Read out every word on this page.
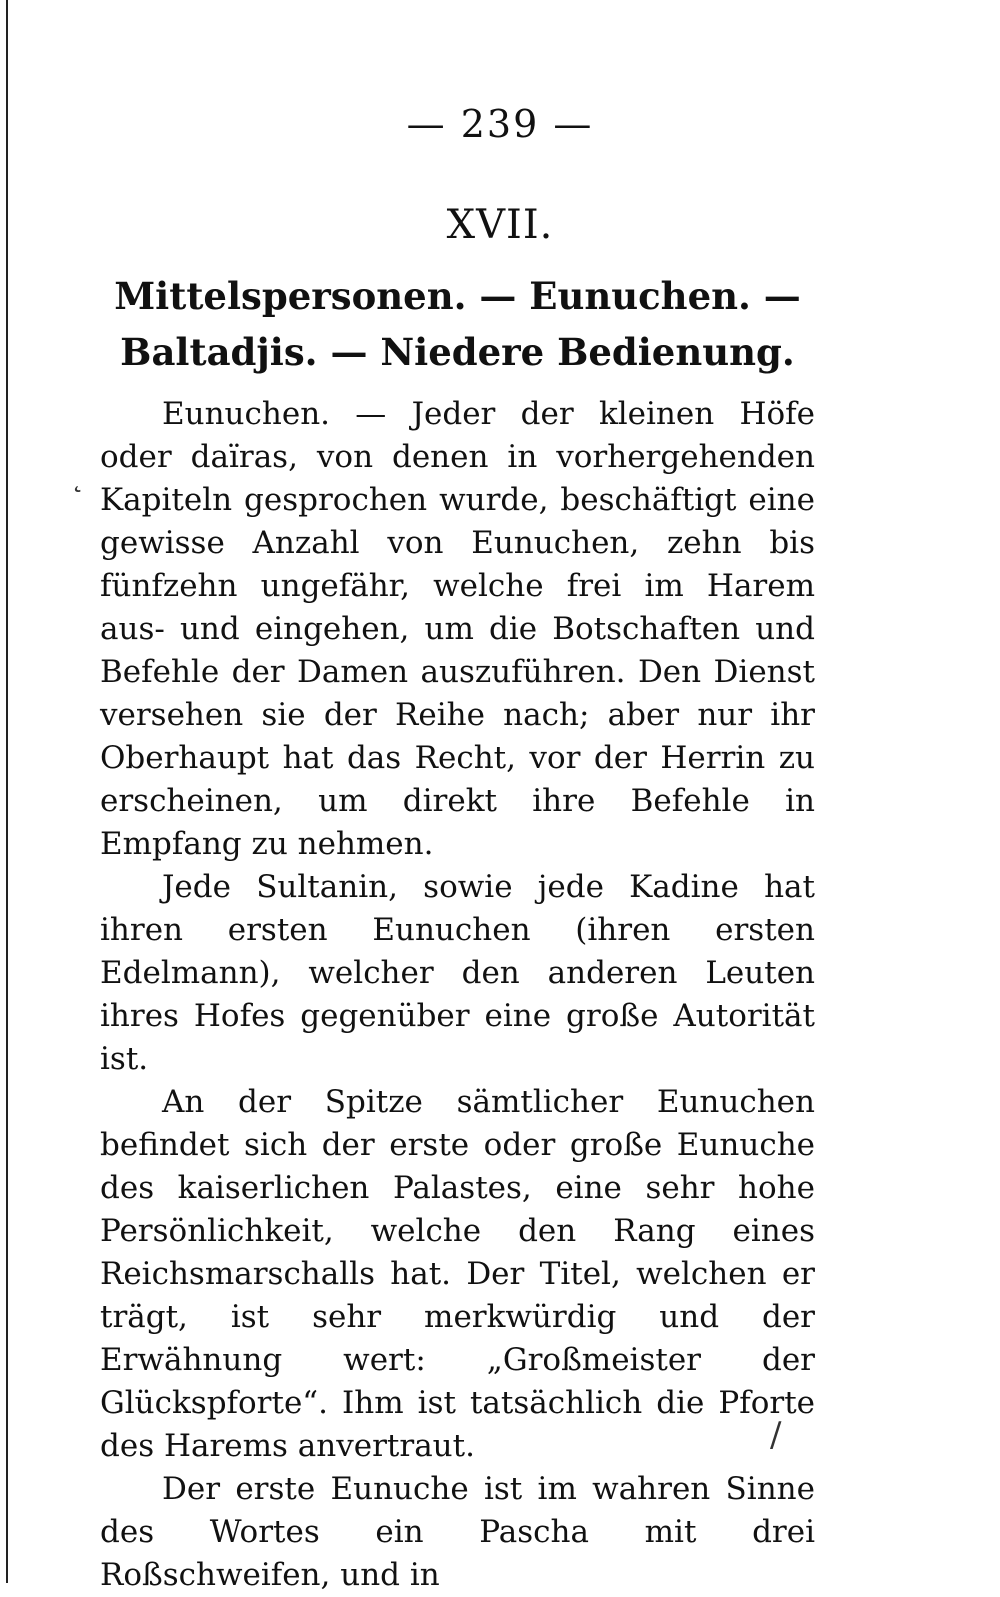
— 239 —
XVII.
Mittelspersonen. — Eunuchen. — Baltadjis. — Niedere Bedienung.

Eunuchen. — Jeder der kleinen Höfe oder daïras, von denen in vorhergehenden Kapiteln gesprochen wurde, beschäftigt eine gewisse Anzahl von Eunuchen, zehn bis fünfzehn ungefähr, welche frei im Harem aus- und eingehen, um die Botschaften und Befehle der Damen auszuführen. Den Dienst versehen sie der Reihe nach; aber nur ihr Oberhaupt hat das Recht, vor der Herrin zu erscheinen, um direkt ihre Befehle in Empfang zu nehmen.

Jede Sultanin, sowie jede Kadine hat ihren ersten Eunuchen (ihren ersten Edelmann), welcher den anderen Leuten ihres Hofes gegenüber eine große Autorität ist.

An der Spitze sämtlicher Eunuchen befindet sich der erste oder große Eunuche des kaiserlichen Palastes, eine sehr hohe Persönlichkeit, welche den Rang eines Reichsmarschalls hat. Der Titel, welchen er trägt, ist sehr merkwürdig und der Erwähnung wert: „Großmeister der Glückspforte“. Ihm ist tatsächlich die Pforte des Harems anvertraut.

Der erste Eunuche ist im wahren Sinne des Wortes ein Pascha mit drei Roßschweifen, und in

˛
/
